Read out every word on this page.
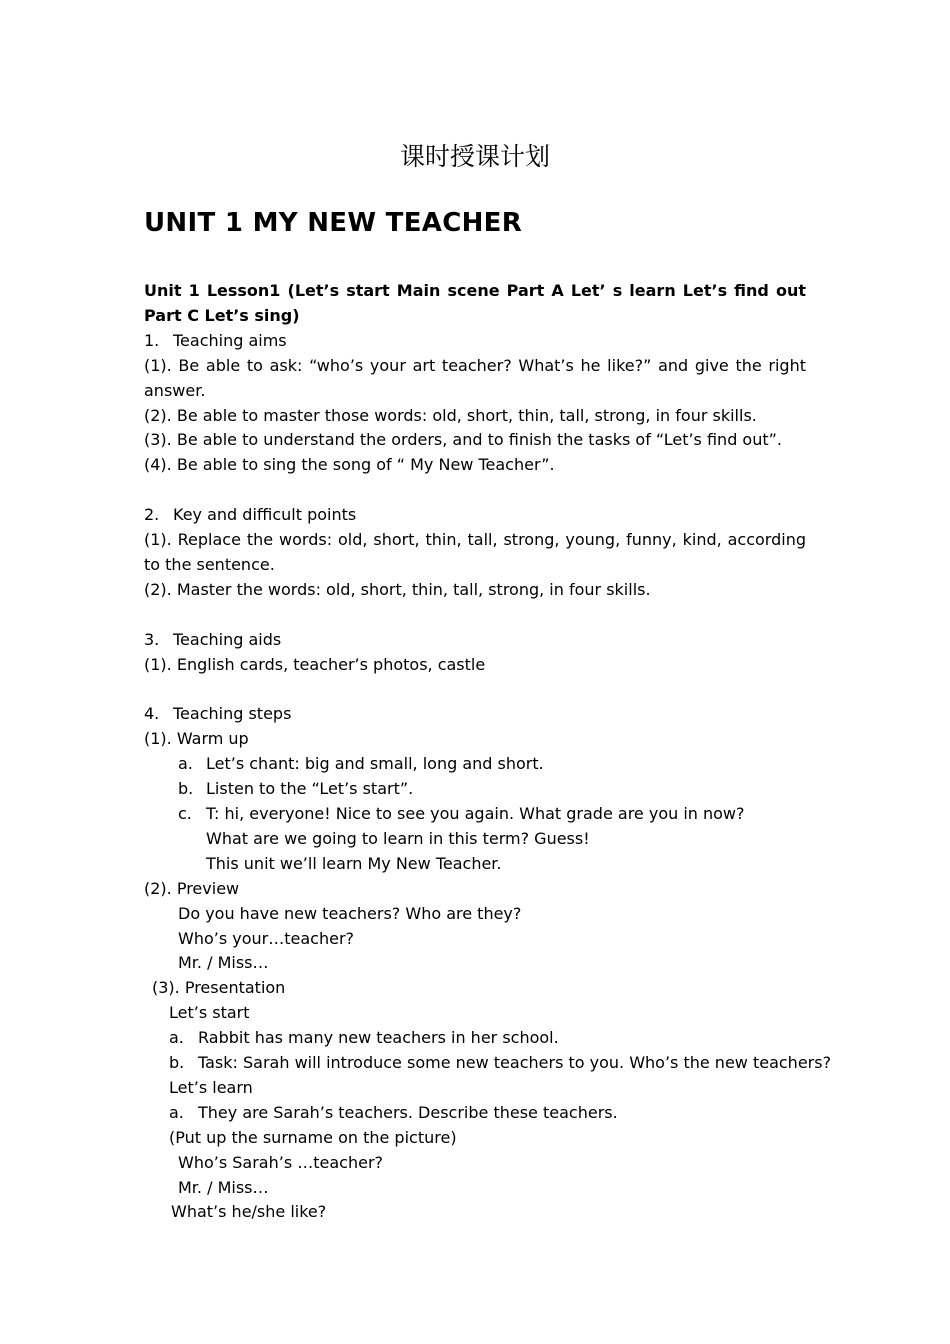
课时授课计划
UNIT 1 MY NEW TEACHER
Unit 1 Lesson1 (Let’s start Main scene Part A Let’ s learn Let’s find out Part C Let’s sing)
1. Teaching aims
(1). Be able to ask: “who’s your art teacher? What’s he like?” and give the right answer.
(2). Be able to master those words: old, short, thin, tall, strong, in four skills.
(3). Be able to understand the orders, and to finish the tasks of “Let’s find out”.
(4). Be able to sing the song of “ My New Teacher”.
2. Key and difficult points
(1). Replace the words: old, short, thin, tall, strong, young, funny, kind, according to the sentence.
(2). Master the words: old, short, thin, tall, strong, in four skills.
3. Teaching aids
(1). English cards, teacher’s photos, castle
4. Teaching steps
(1). Warm up
a. Let’s chant: big and small, long and short.
b. Listen to the “Let’s start”.
c. T: hi, everyone! Nice to see you again. What grade are you in now?
What are we going to learn in this term? Guess!
This unit we’ll learn My New Teacher.
(2). Preview
Do you have new teachers? Who are they?
Who’s your…teacher?
Mr. / Miss…
(3). Presentation
Let’s start
a. Rabbit has many new teachers in her school.
b. Task: Sarah will introduce some new teachers to you. Who’s the new teachers?
Let’s learn
a. They are Sarah’s teachers. Describe these teachers.
(Put up the surname on the picture)
Who’s Sarah’s …teacher?
Mr. / Miss…
What’s he/she like?
